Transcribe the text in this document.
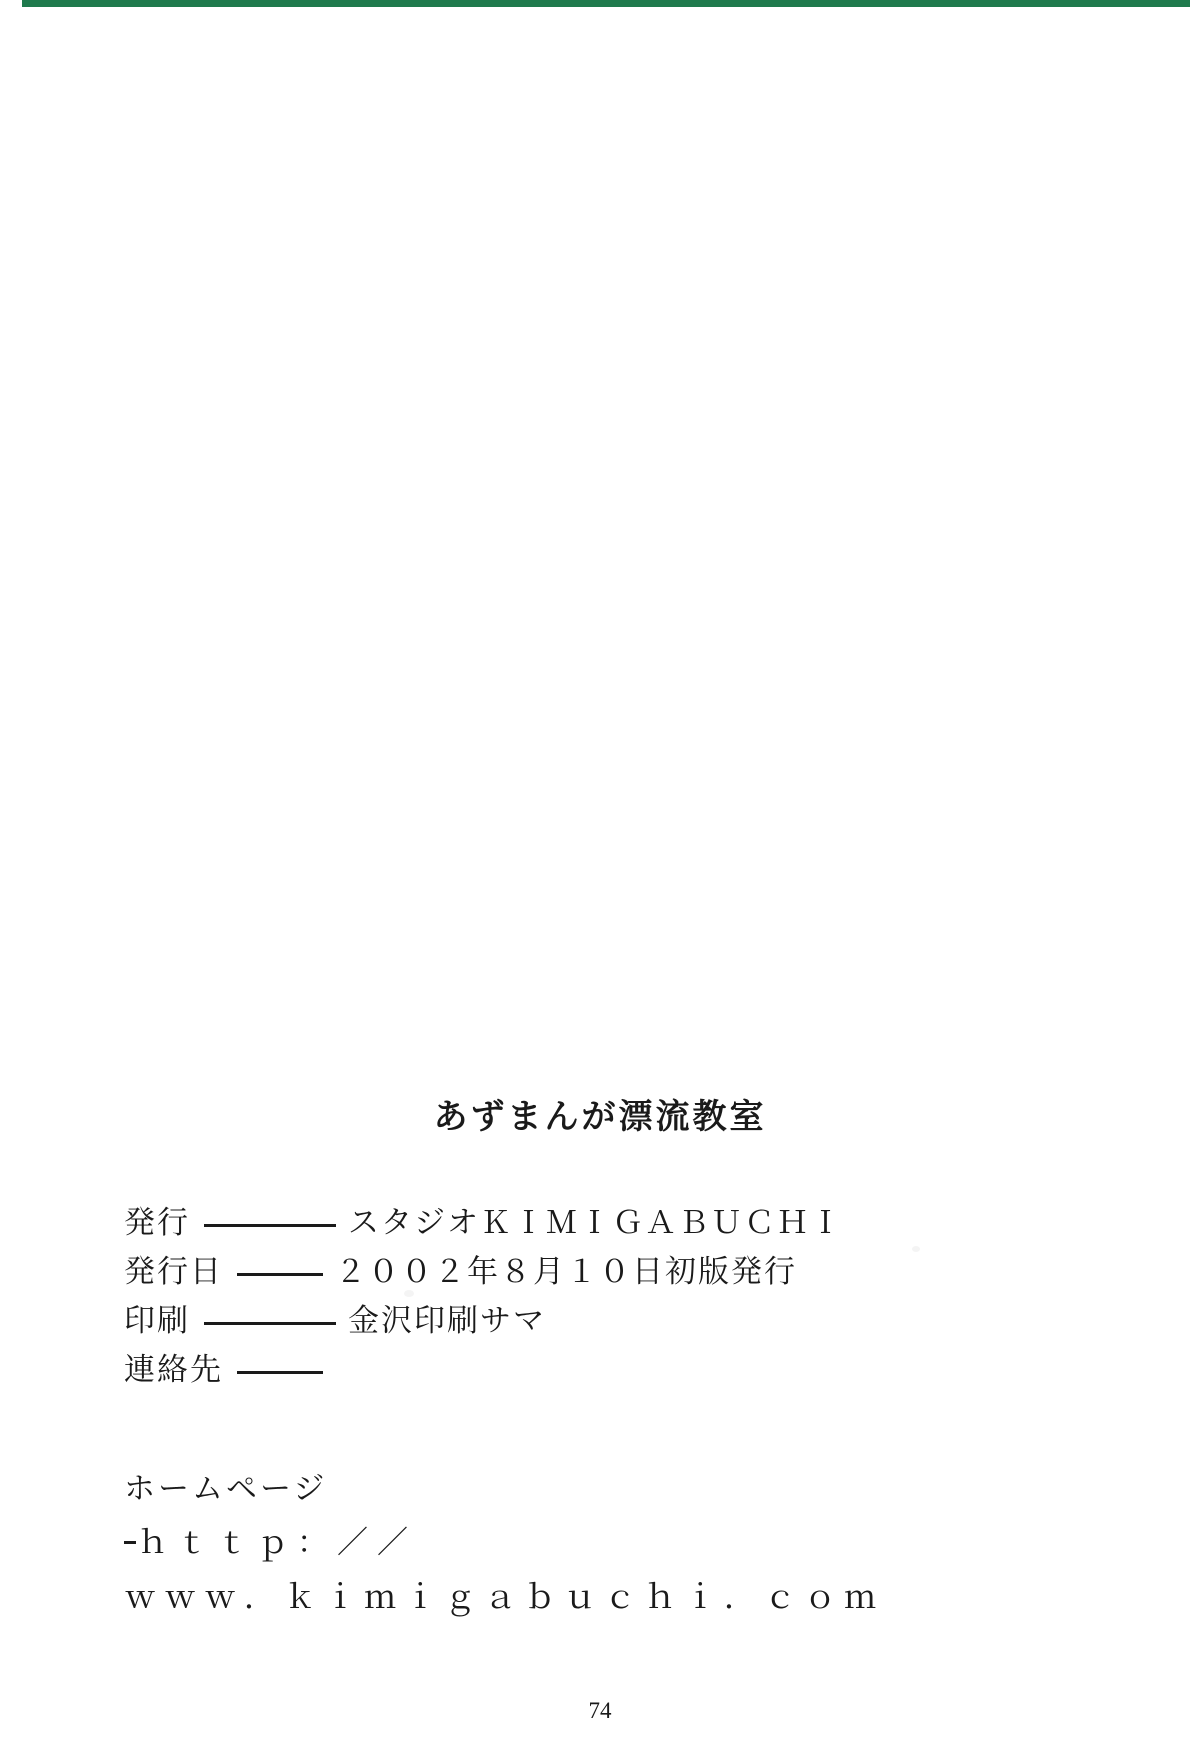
あずまんが漂流教室
発行	スタジオＫＩＭＩＧＡＢＵＣＨＩ
発行日	２００２年８月１０日初版発行
印刷	金沢印刷サマ
連絡先
ホームページ
ｈｔｔｐ：／／
ｗｗｗ．ｋｉｍｉｇａｂｕｃｈｉ．ｃｏｍ
74
